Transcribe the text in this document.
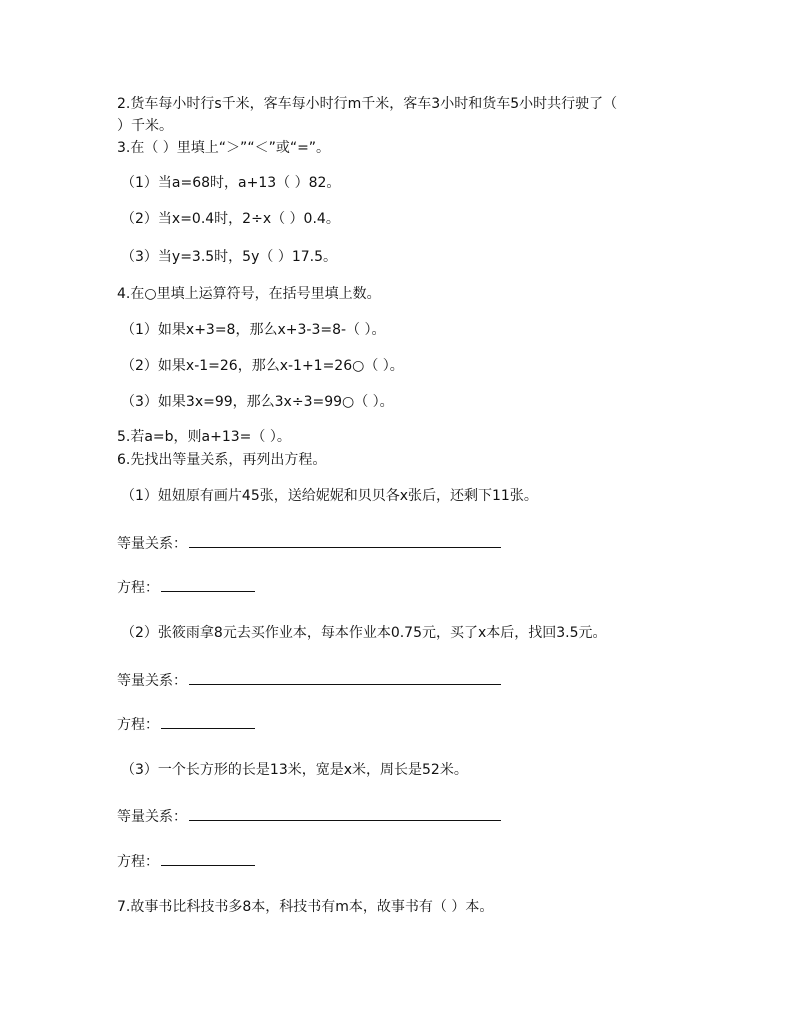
2.货车每小时行s千米，客车每小时行m千米，客车3小时和货车5小时共行驶了（
）千米。
3.在（ ）里填上“＞”“＜”或“=”。
（1）当a=68时，a+13（ ）82。
（2）当x=0.4时，2÷x（ ）0.4。
（3）当y=3.5时，5y（ ）17.5。
4.在○里填上运算符号，在括号里填上数。
（1）如果x+3=8，那么x+3-3=8-（ ）。
（2）如果x-1=26，那么x-1+1=26○（ ）。
（3）如果3x=99，那么3x÷3=99○（ ）。
5.若a=b，则a+13=（ ）。
6.先找出等量关系，再列出方程。
（1）妞妞原有画片45张，送给妮妮和贝贝各x张后，还剩下11张。
等量关系：
方程：
（2）张筱雨拿8元去买作业本，每本作业本0.75元，买了x本后，找回3.5元。
等量关系：
方程：
（3）一个长方形的长是13米，宽是x米，周长是52米。
等量关系：
方程：
7.故事书比科技书多8本，科技书有m本，故事书有（ ）本。
